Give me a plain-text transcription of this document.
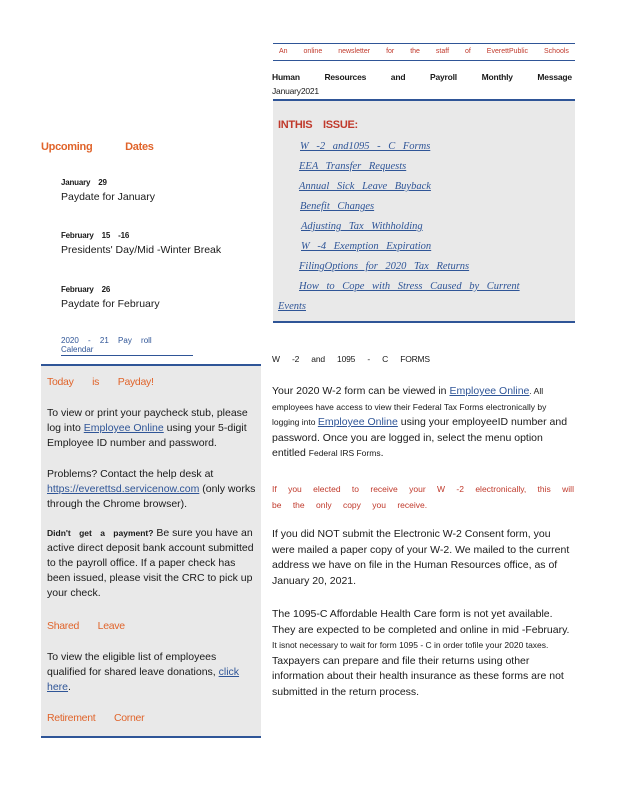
An online newsletter for the staff of EverettPublic Schools
Human	Resources	and	Payroll	Monthly	Message
January2021
INTHIS ISSUE:
W -2 and1095 - C Forms
EEA Transfer Requests
Annual Sick Leave Buyback
Benefit Changes
Adjusting Tax Withholding
W -4 Exemption Expiration
FilingOptions for 2020 Tax Returns
How to Cope with Stress Caused by Current
Events
Upcoming Dates
January 29
Paydate for January
February 15 -16
Presidents' Day/Mid -Winter Break
February 26
Paydate for February
2020 - 21 Pay roll Calendar
Today is Payday!
To view or print your paycheck stub, please log into Employee Online using your 5-digit Employee ID number and password.
Problems? Contact the help desk at https://everettsd.servicenow.com (only works through the Chrome browser).
Didn't get a payment? Be sure you have an active direct deposit bank account submitted to the payroll office. If a paper check has been issued, please visit the CRC to pick up your check.
Shared Leave
To view the eligible list of employees qualified for shared leave donations, click here.
Retirement Corner
W -2 and 1095 - C FORMS
Your 2020 W-2 form can be viewed in Employee Online. All employees have access to view their Federal Tax Forms electronically by logging into Employee Online using your employeeID number and password. Once you are logged in, select the menu option entitled Federal IRS Forms.
If you elected to receive your W -2 electronically, this will be the only copy you receive.
If you did NOT submit the Electronic W-2 Consent form, you were mailed a paper copy of your W-2. We mailed to the current address we have on file in the Human Resources office, as of January 20, 2021.
The 1095-C Affordable Health Care form is not yet available. They are expected to be completed and online in mid -February. It isnot necessary to wait for form 1095 - C in order tofile your 2020 taxes. Taxpayers can prepare and file their returns using other information about their health insurance as these forms are not submitted in the return process.
